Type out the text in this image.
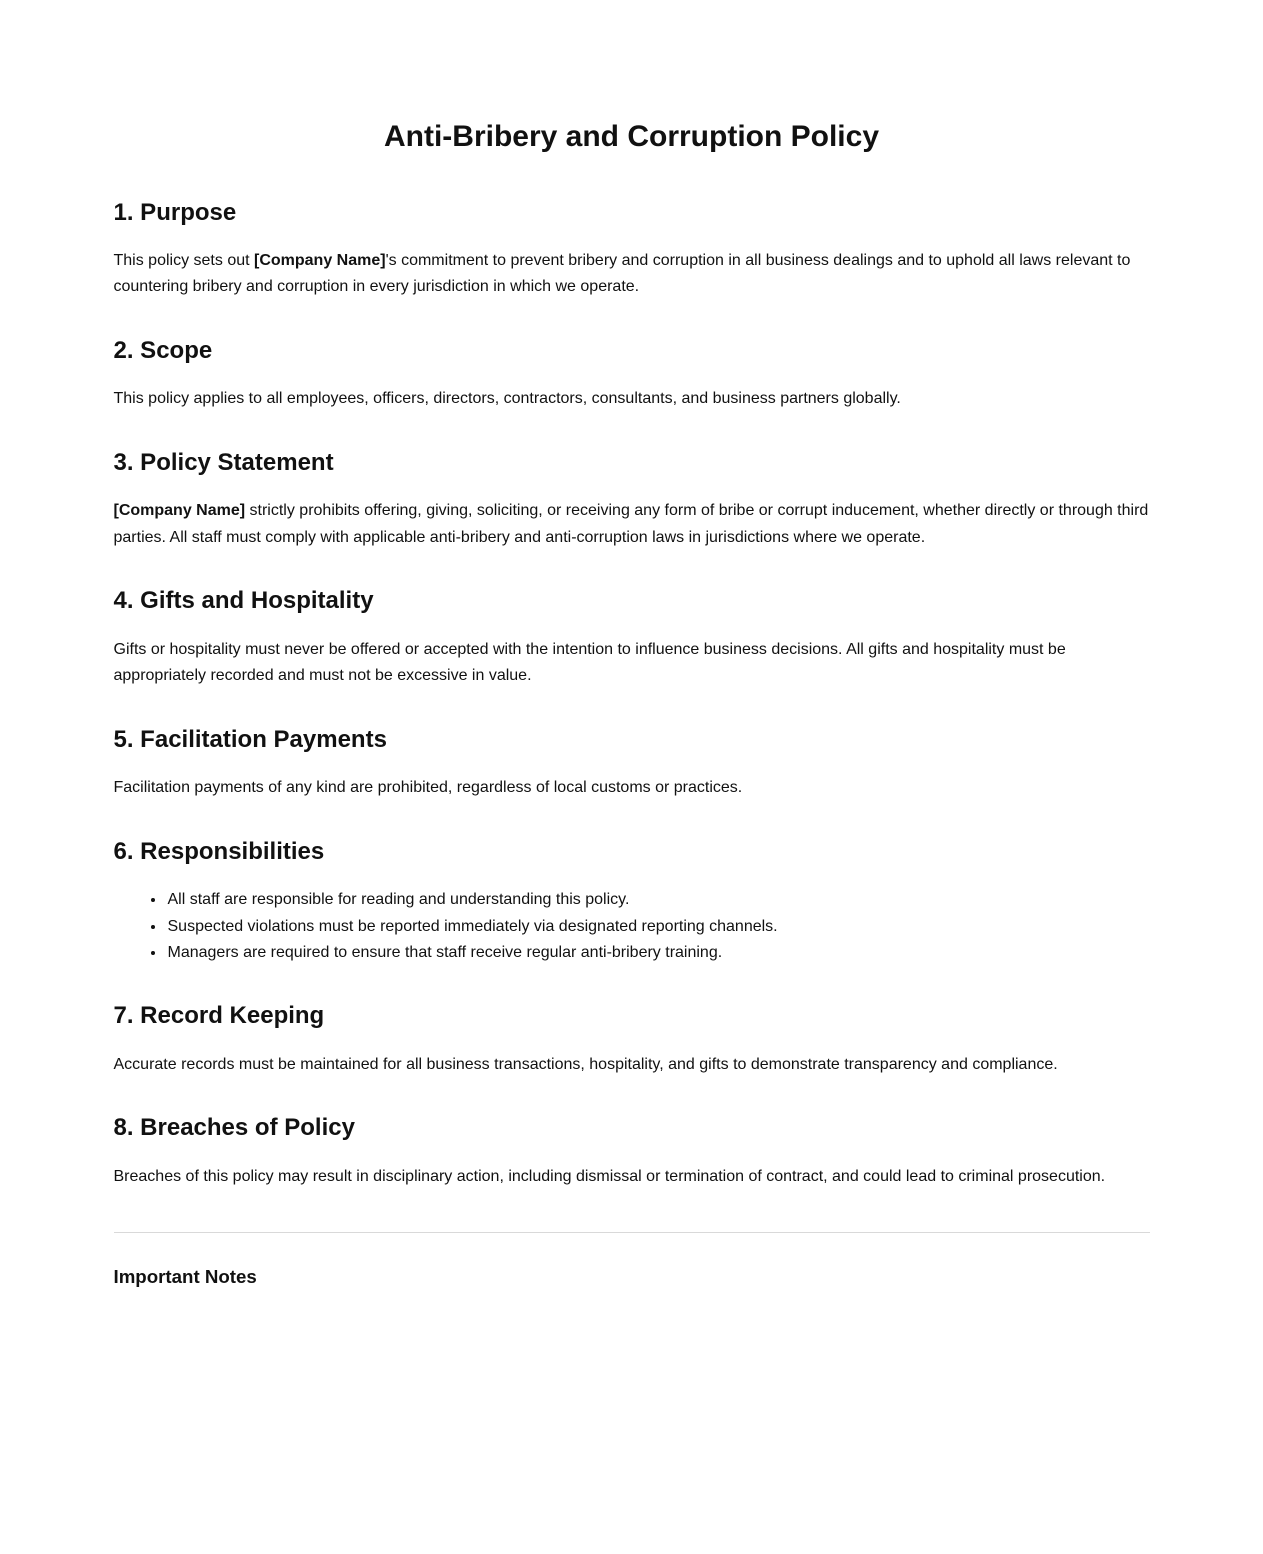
Anti-Bribery and Corruption Policy
1. Purpose

This policy sets out [Company Name]'s commitment to prevent bribery and corruption in all business dealings and to uphold all laws relevant to countering bribery and corruption in every jurisdiction in which we operate.

2. Scope

This policy applies to all employees, officers, directors, contractors, consultants, and business partners globally.

3. Policy Statement

[Company Name] strictly prohibits offering, giving, soliciting, or receiving any form of bribe or corrupt inducement, whether directly or through third parties. All staff must comply with applicable anti-bribery and anti-corruption laws in jurisdictions where we operate.

4. Gifts and Hospitality

Gifts or hospitality must never be offered or accepted with the intention to influence business decisions. All gifts and hospitality must be appropriately recorded and must not be excessive in value.

5. Facilitation Payments

Facilitation payments of any kind are prohibited, regardless of local customs or practices.

6. Responsibilities
• All staff are responsible for reading and understanding this policy.
• Suspected violations must be reported immediately via designated reporting channels.
• Managers are required to ensure that staff receive regular anti-bribery training.
7. Record Keeping

Accurate records must be maintained for all business transactions, hospitality, and gifts to demonstrate transparency and compliance.

8. Breaches of Policy

Breaches of this policy may result in disciplinary action, including dismissal or termination of contract, and could lead to criminal prosecution.

Important Notes
